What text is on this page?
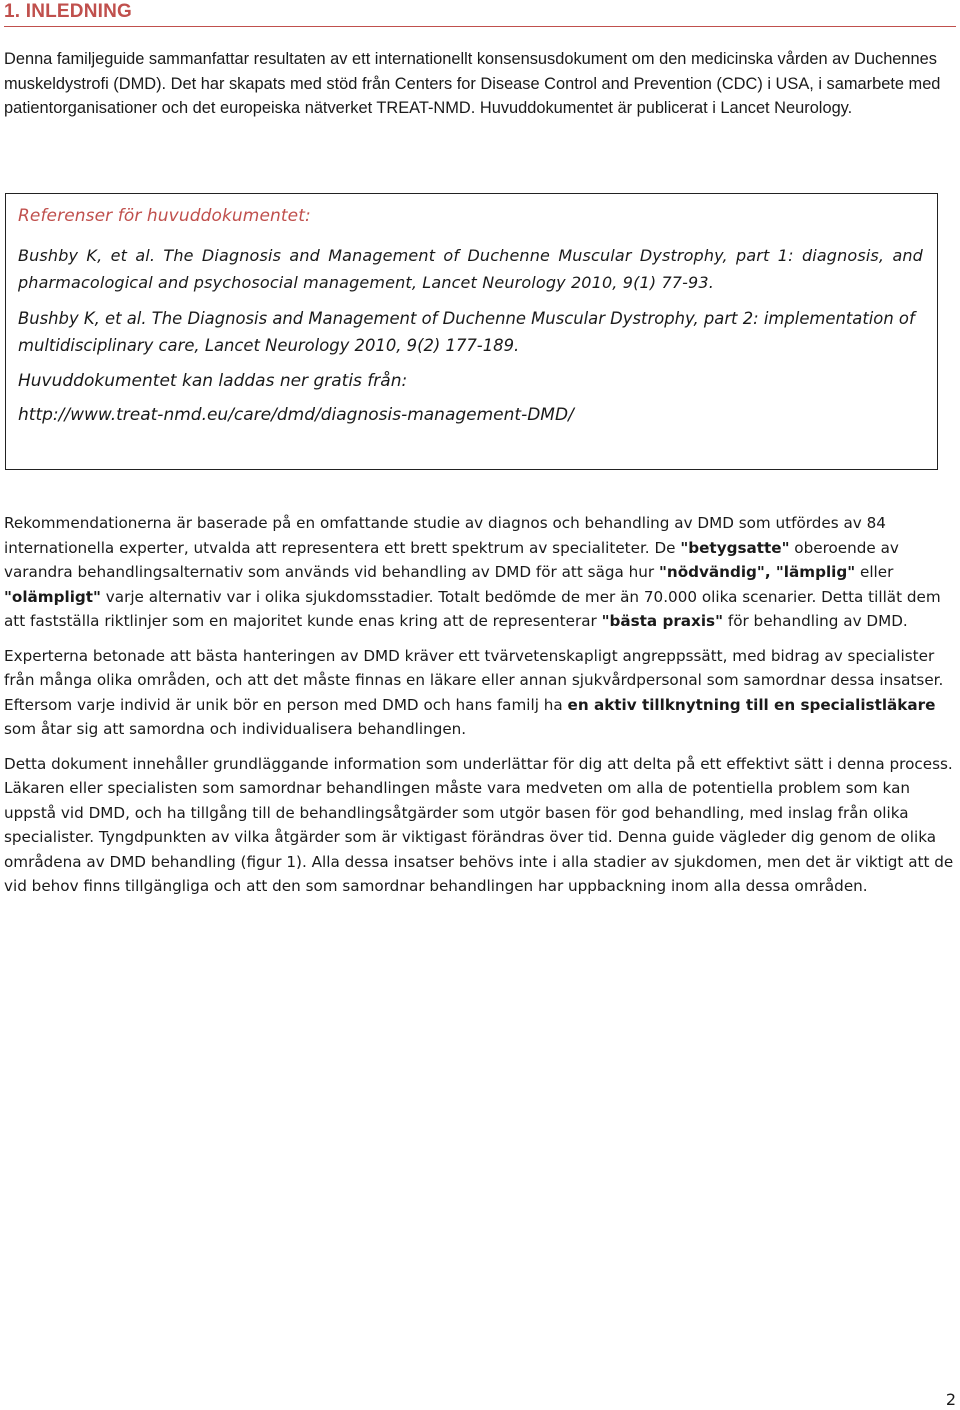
1. INLEDNING

Denna familjeguide sammanfattar resultaten av ett internationellt konsensusdokument om den medicinska vården av Duchennes muskeldystrofi (DMD). Det har skapats med stöd från Centers for Disease Control and Prevention (CDC) i USA, i samarbete med patientorganisationer och det europeiska nätverket TREAT-NMD. Huvuddokumentet är publicerat i Lancet Neurology.

Referenser för huvuddokumentet:
Bushby K, et al. The Diagnosis and Management of Duchenne Muscular Dystrophy, part 1: diagnosis, and pharmacological and psychosocial management, Lancet Neurology 2010, 9(1) 77-93.
Bushby K, et al. The Diagnosis and Management of Duchenne Muscular Dystrophy, part 2: implementation of multidisciplinary care, Lancet Neurology 2010, 9(2) 177-189.
Huvuddokumentet kan laddas ner gratis från:
http://www.treat-nmd.eu/care/dmd/diagnosis-management-DMD/

Rekommendationerna är baserade på en omfattande studie av diagnos och behandling av DMD som utfördes av 84 internationella experter, utvalda att representera ett brett spektrum av specialiteter. De "betygsatte" oberoende av varandra behandlingsalternativ som används vid behandling av DMD för att säga hur "nödvändig", "lämplig" eller "olämpligt" varje alternativ var i olika sjukdomsstadier. Totalt bedömde de mer än 70.000 olika scenarier. Detta tillät dem att fastställa riktlinjer som en majoritet kunde enas kring att de representerar "bästa praxis" för behandling av DMD.

Experterna betonade att bästa hanteringen av DMD kräver ett tvärvetenskapligt angreppssätt, med bidrag av specialister från många olika områden, och att det måste finnas en läkare eller annan sjukvårdpersonal som samordnar dessa insatser. Eftersom varje individ är unik bör en person med DMD och hans familj ha en aktiv tillknytning till en specialistläkare som åtar sig att samordna och individualisera behandlingen.

Detta dokument innehåller grundläggande information som underlättar för dig att delta på ett effektivt sätt i denna process. Läkaren eller specialisten som samordnar behandlingen måste vara medveten om alla de potentiella problem som kan uppstå vid DMD, och ha tillgång till de behandlingsåtgärder som utgör basen för god behandling, med inslag från olika specialister. Tyngdpunkten av vilka åtgärder som är viktigast förändras över tid. Denna guide vägleder dig genom de olika områdena av DMD behandling (figur 1). Alla dessa insatser behövs inte i alla stadier av sjukdomen, men det är viktigt att de vid behov finns tillgängliga och att den som samordnar behandlingen har uppbackning inom alla dessa områden.

2
